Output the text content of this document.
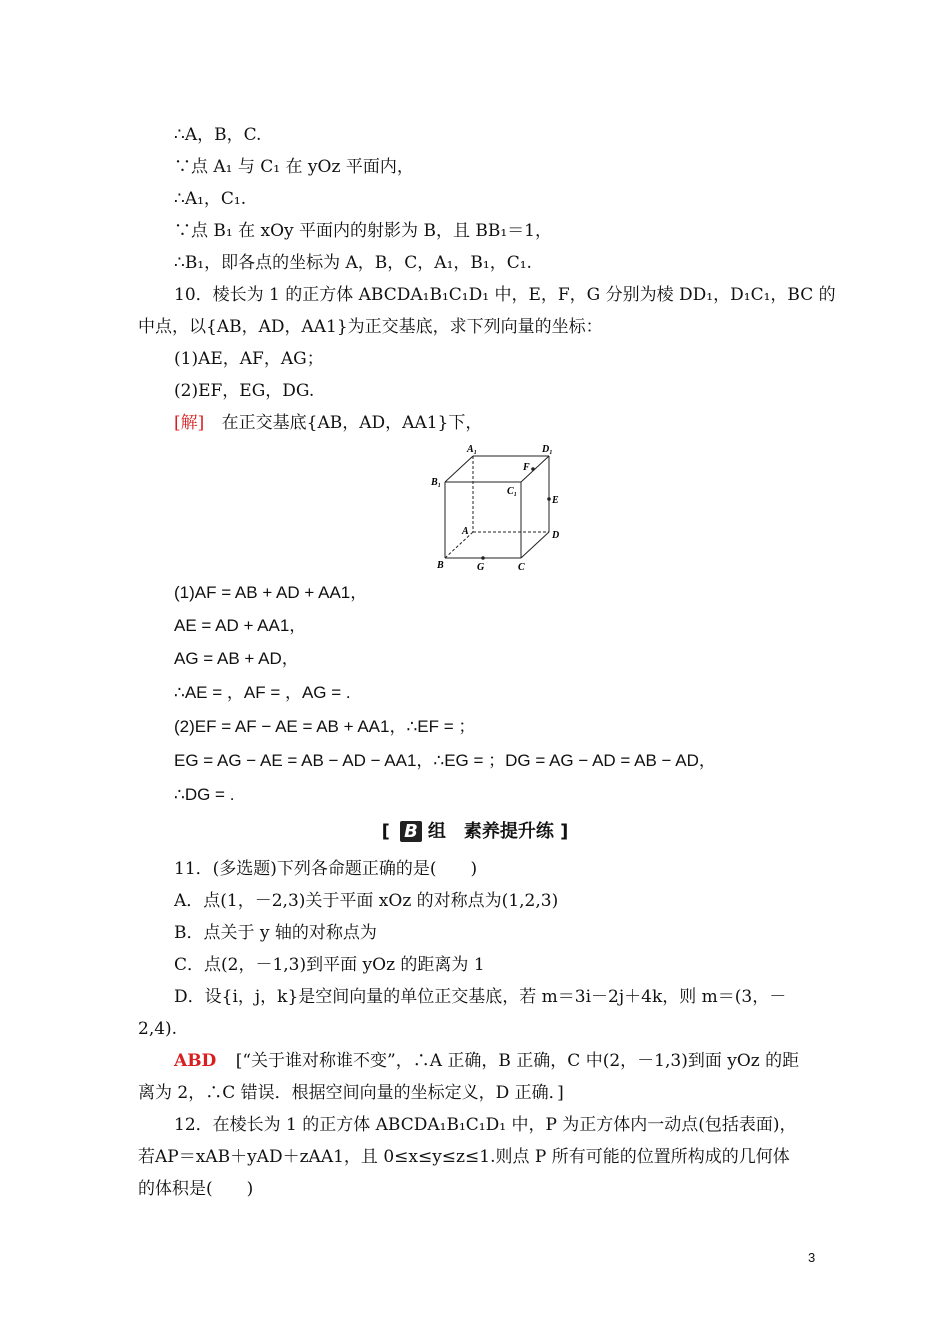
∴A，B，C.
∵点 A₁ 与 C₁ 在 yOz 平面内，
∴A₁，C₁.
∵点 B₁ 在 xOy 平面内的射影为 B，且 BB₁＝1，
∴B₁，即各点的坐标为 A，B，C，A₁，B₁，C₁.
10．棱长为 1 的正方体 ABCDA₁B₁C₁D₁ 中，E，F，G 分别为棱 DD₁，D₁C₁，BC 的
中点，以{AB，AD，AA1}为正交基底，求下列向量的坐标：
(1)AE，AF，AG；
(2)EF，EG，DG.
[解] 在正交基底{AB，AD，AA1}下，
A₁	D₁
B₁
C₁
F
E
A	D
B	G	C
(1)AF = AB + AD + AA1，
AE = AD + AA1，
AG = AB + AD，
∴AE = ，AF = ，AG = .
(2)EF = AF − AE = AB + AA1，∴EF = ；
EG = AG − AE = AB − AD − AA1，∴EG = ；DG = AG − AD = AB − AD，
∴DG = .
[ B 组　素养提升练 ]
11．(多选题)下列各命题正确的是(　　)
A．点(1，－2,3)关于平面 xOz 的对称点为(1,2,3)
B．点关于 y 轴的对称点为
C．点(2，－1,3)到平面 yOz 的距离为 1
D．设{i，j，k}是空间向量的单位正交基底，若 m＝3i－2j＋4k，则 m＝(3，－
2,4).
ABD [“关于谁对称谁不变”，∴A 正确，B 正确，C 中(2，－1,3)到面 yOz 的距
离为 2，∴C 错误．根据空间向量的坐标定义，D 正确．]
12．在棱长为 1 的正方体 ABCDA₁B₁C₁D₁ 中，P 为正方体内一动点(包括表面)，
若AP＝xAB＋yAD＋zAA1，且 0≤x≤y≤z≤1.则点 P 所有可能的位置所构成的几何体
的体积是(　　)
3
